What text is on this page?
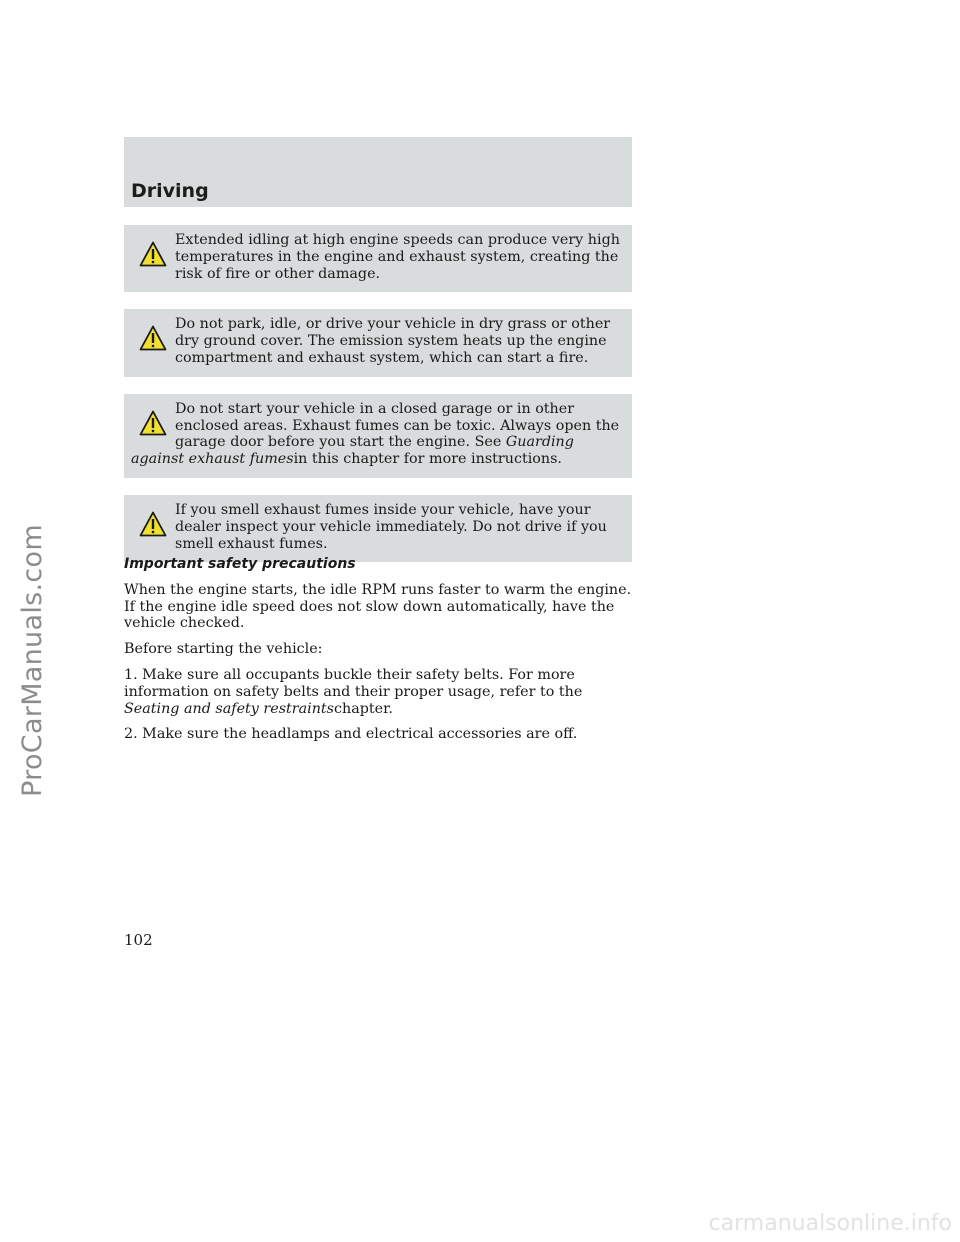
ProCarManuals.com
Driving

Extended idling at high engine speeds can produce very high temperatures in the engine and exhaust system, creating the risk of fire or other damage.

Do not park, idle, or drive your vehicle in dry grass or other dry ground cover. The emission system heats up the engine compartment and exhaust system, which can start a fire.

Do not start your vehicle in a closed garage or in other enclosed areas. Exhaust fumes can be toxic. Always open the garage door before you start the engine. See Guarding against exhaust fumesin this chapter for more instructions.

If you smell exhaust fumes inside your vehicle, have your dealer inspect your vehicle immediately. Do not drive if you smell exhaust fumes.

Important safety precautions

When the engine starts, the idle RPM runs faster to warm the engine. If the engine idle speed does not slow down automatically, have the vehicle checked.

Before starting the vehicle:

1. Make sure all occupants buckle their safety belts. For more information on safety belts and their proper usage, refer to the Seating and safety restraintschapter.

2. Make sure the headlamps and electrical accessories are off.

102
carmanualsonline.info
